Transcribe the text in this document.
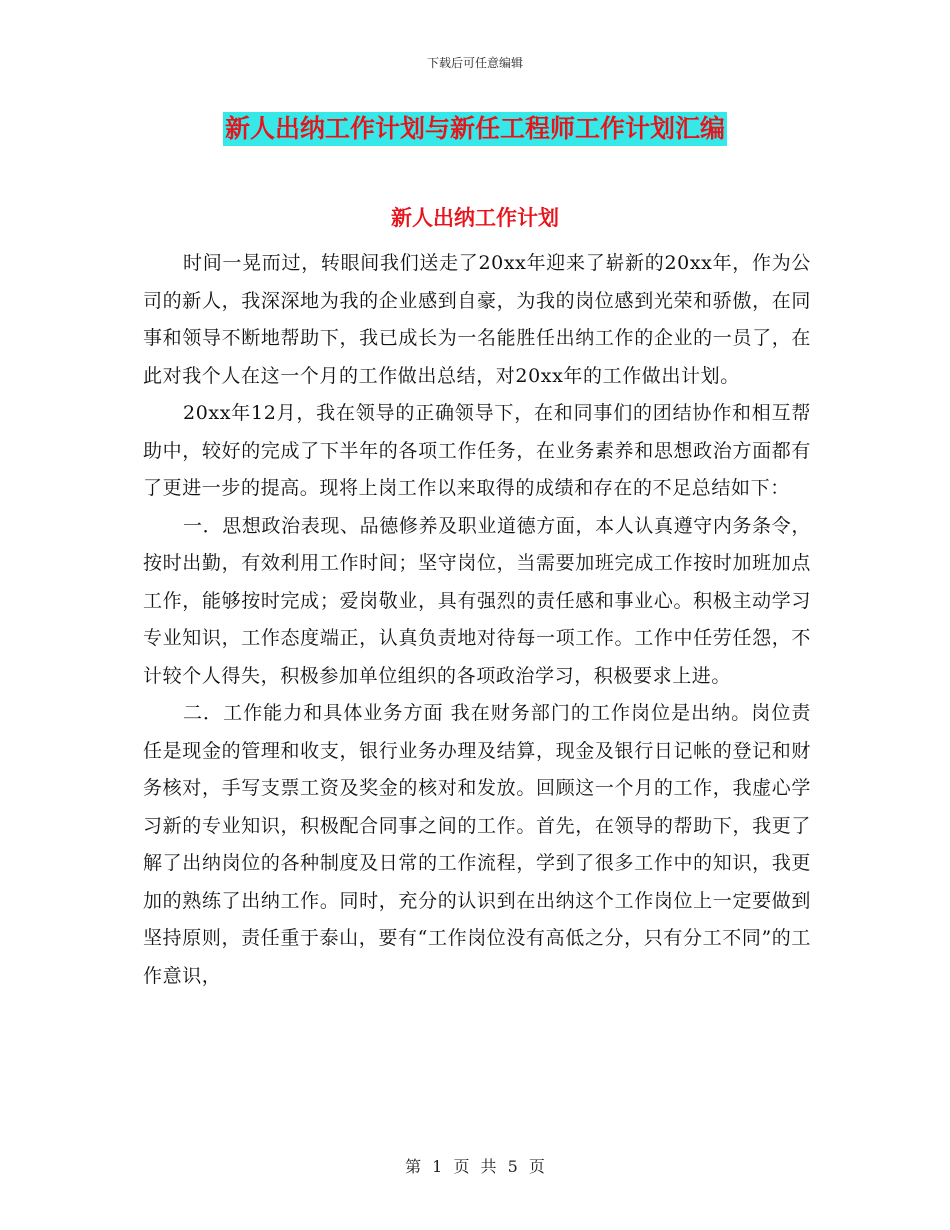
下载后可任意编辑
新人出纳工作计划与新任工程师工作计划汇编
新人出纳工作计划

时间一晃而过，转眼间我们送走了20xx年迎来了崭新的20xx年，作为公司的新人，我深深地为我的企业感到自豪，为我的岗位感到光荣和骄傲，在同事和领导不断地帮助下，我已成长为一名能胜任出纳工作的企业的一员了，在此对我个人在这一个月的工作做出总结，对20xx年的工作做出计划。

20xx年12月，我在领导的正确领导下，在和同事们的团结协作和相互帮助中，较好的完成了下半年的各项工作任务，在业务素养和思想政治方面都有了更进一步的提高。现将上岗工作以来取得的成绩和存在的不足总结如下：

一．思想政治表现、品德修养及职业道德方面，本人认真遵守内务条令，按时出勤，有效利用工作时间；坚守岗位，当需要加班完成工作按时加班加点工作，能够按时完成；爱岗敬业，具有强烈的责任感和事业心。积极主动学习专业知识，工作态度端正，认真负责地对待每一项工作。工作中任劳任怨，不计较个人得失，积极参加单位组织的各项政治学习，积极要求上进。

二．工作能力和具体业务方面 我在财务部门的工作岗位是出纳。岗位责任是现金的管理和收支，银行业务办理及结算，现金及银行日记帐的登记和财务核对，手写支票工资及奖金的核对和发放。回顾这一个月的工作，我虚心学习新的专业知识，积极配合同事之间的工作。首先，在领导的帮助下，我更了解了出纳岗位的各种制度及日常的工作流程，学到了很多工作中的知识，我更加的熟练了出纳工作。同时，充分的认识到在出纳这个工作岗位上一定要做到坚持原则，责任重于泰山，要有“工作岗位没有高低之分，只有分工不同”的工作意识，

第 1 页 共 5 页
